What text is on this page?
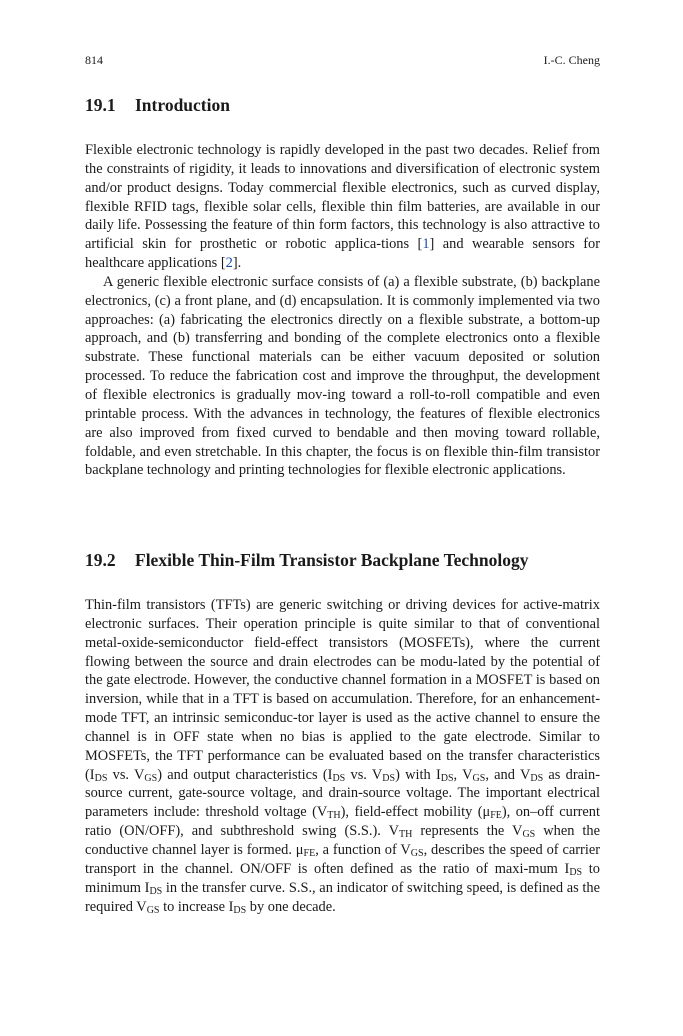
814	I.-C. Cheng
19.1 Introduction

Flexible electronic technology is rapidly developed in the past two decades. Relief from the constraints of rigidity, it leads to innovations and diversification of electronic system and/or product designs. Today commercial flexible electronics, such as curved display, flexible RFID tags, flexible solar cells, flexible thin film batteries, are available in our daily life. Possessing the feature of thin form factors, this technology is also attractive to artificial skin for prosthetic or robotic applica-tions [1] and wearable sensors for healthcare applications [2].

A generic flexible electronic surface consists of (a) a flexible substrate, (b) backplane electronics, (c) a front plane, and (d) encapsulation. It is commonly implemented via two approaches: (a) fabricating the electronics directly on a flexible substrate, a bottom-up approach, and (b) transferring and bonding of the complete electronics onto a flexible substrate. These functional materials can be either vacuum deposited or solution processed. To reduce the fabrication cost and improve the throughput, the development of flexible electronics is gradually mov-ing toward a roll-to-roll compatible and even printable process. With the advances in technology, the features of flexible electronics are also improved from fixed curved to bendable and then moving toward rollable, foldable, and even stretchable. In this chapter, the focus is on flexible thin-film transistor backplane technology and printing technologies for flexible electronic applications.

19.2 Flexible Thin-Film Transistor Backplane Technology

Thin-film transistors (TFTs) are generic switching or driving devices for active-matrix electronic surfaces. Their operation principle is quite similar to that of conventional metal-oxide-semiconductor field-effect transistors (MOSFETs), where the current flowing between the source and drain electrodes can be modu-lated by the potential of the gate electrode. However, the conductive channel formation in a MOSFET is based on inversion, while that in a TFT is based on accumulation. Therefore, for an enhancement-mode TFT, an intrinsic semiconduc-tor layer is used as the active channel to ensure the channel is in OFF state when no bias is applied to the gate electrode. Similar to MOSFETs, the TFT performance can be evaluated based on the transfer characteristics ($I_{DS}$ vs. $V_{GS}$) and output characteristics ($I_{DS}$ vs. $V_{DS}$) with $I_{DS}$, $V_{GS}$, and $V_{DS}$ as drain-source current, gate-source voltage, and drain-source voltage. The important electrical parameters include: threshold voltage $(V_{TH})$, field-effect mobility $(\mu_{FE})$, on–off current ratio (ON/OFF), and subthreshold swing (S.S.). $V_{TH}$ represents the $V_{GS}$ when the conductive channel layer is formed. $\mu_{FE}$, a function of $V_{GS}$, describes the speed of carrier transport in the channel. ON/OFF is often defined as the ratio of maxi-mum $I_{DS}$ to minimum $I_{DS}$ in the transfer curve. S.S., an indicator of switching speed, is defined as the required $V_{GS}$ to increase $I_{DS}$ by one decade.
